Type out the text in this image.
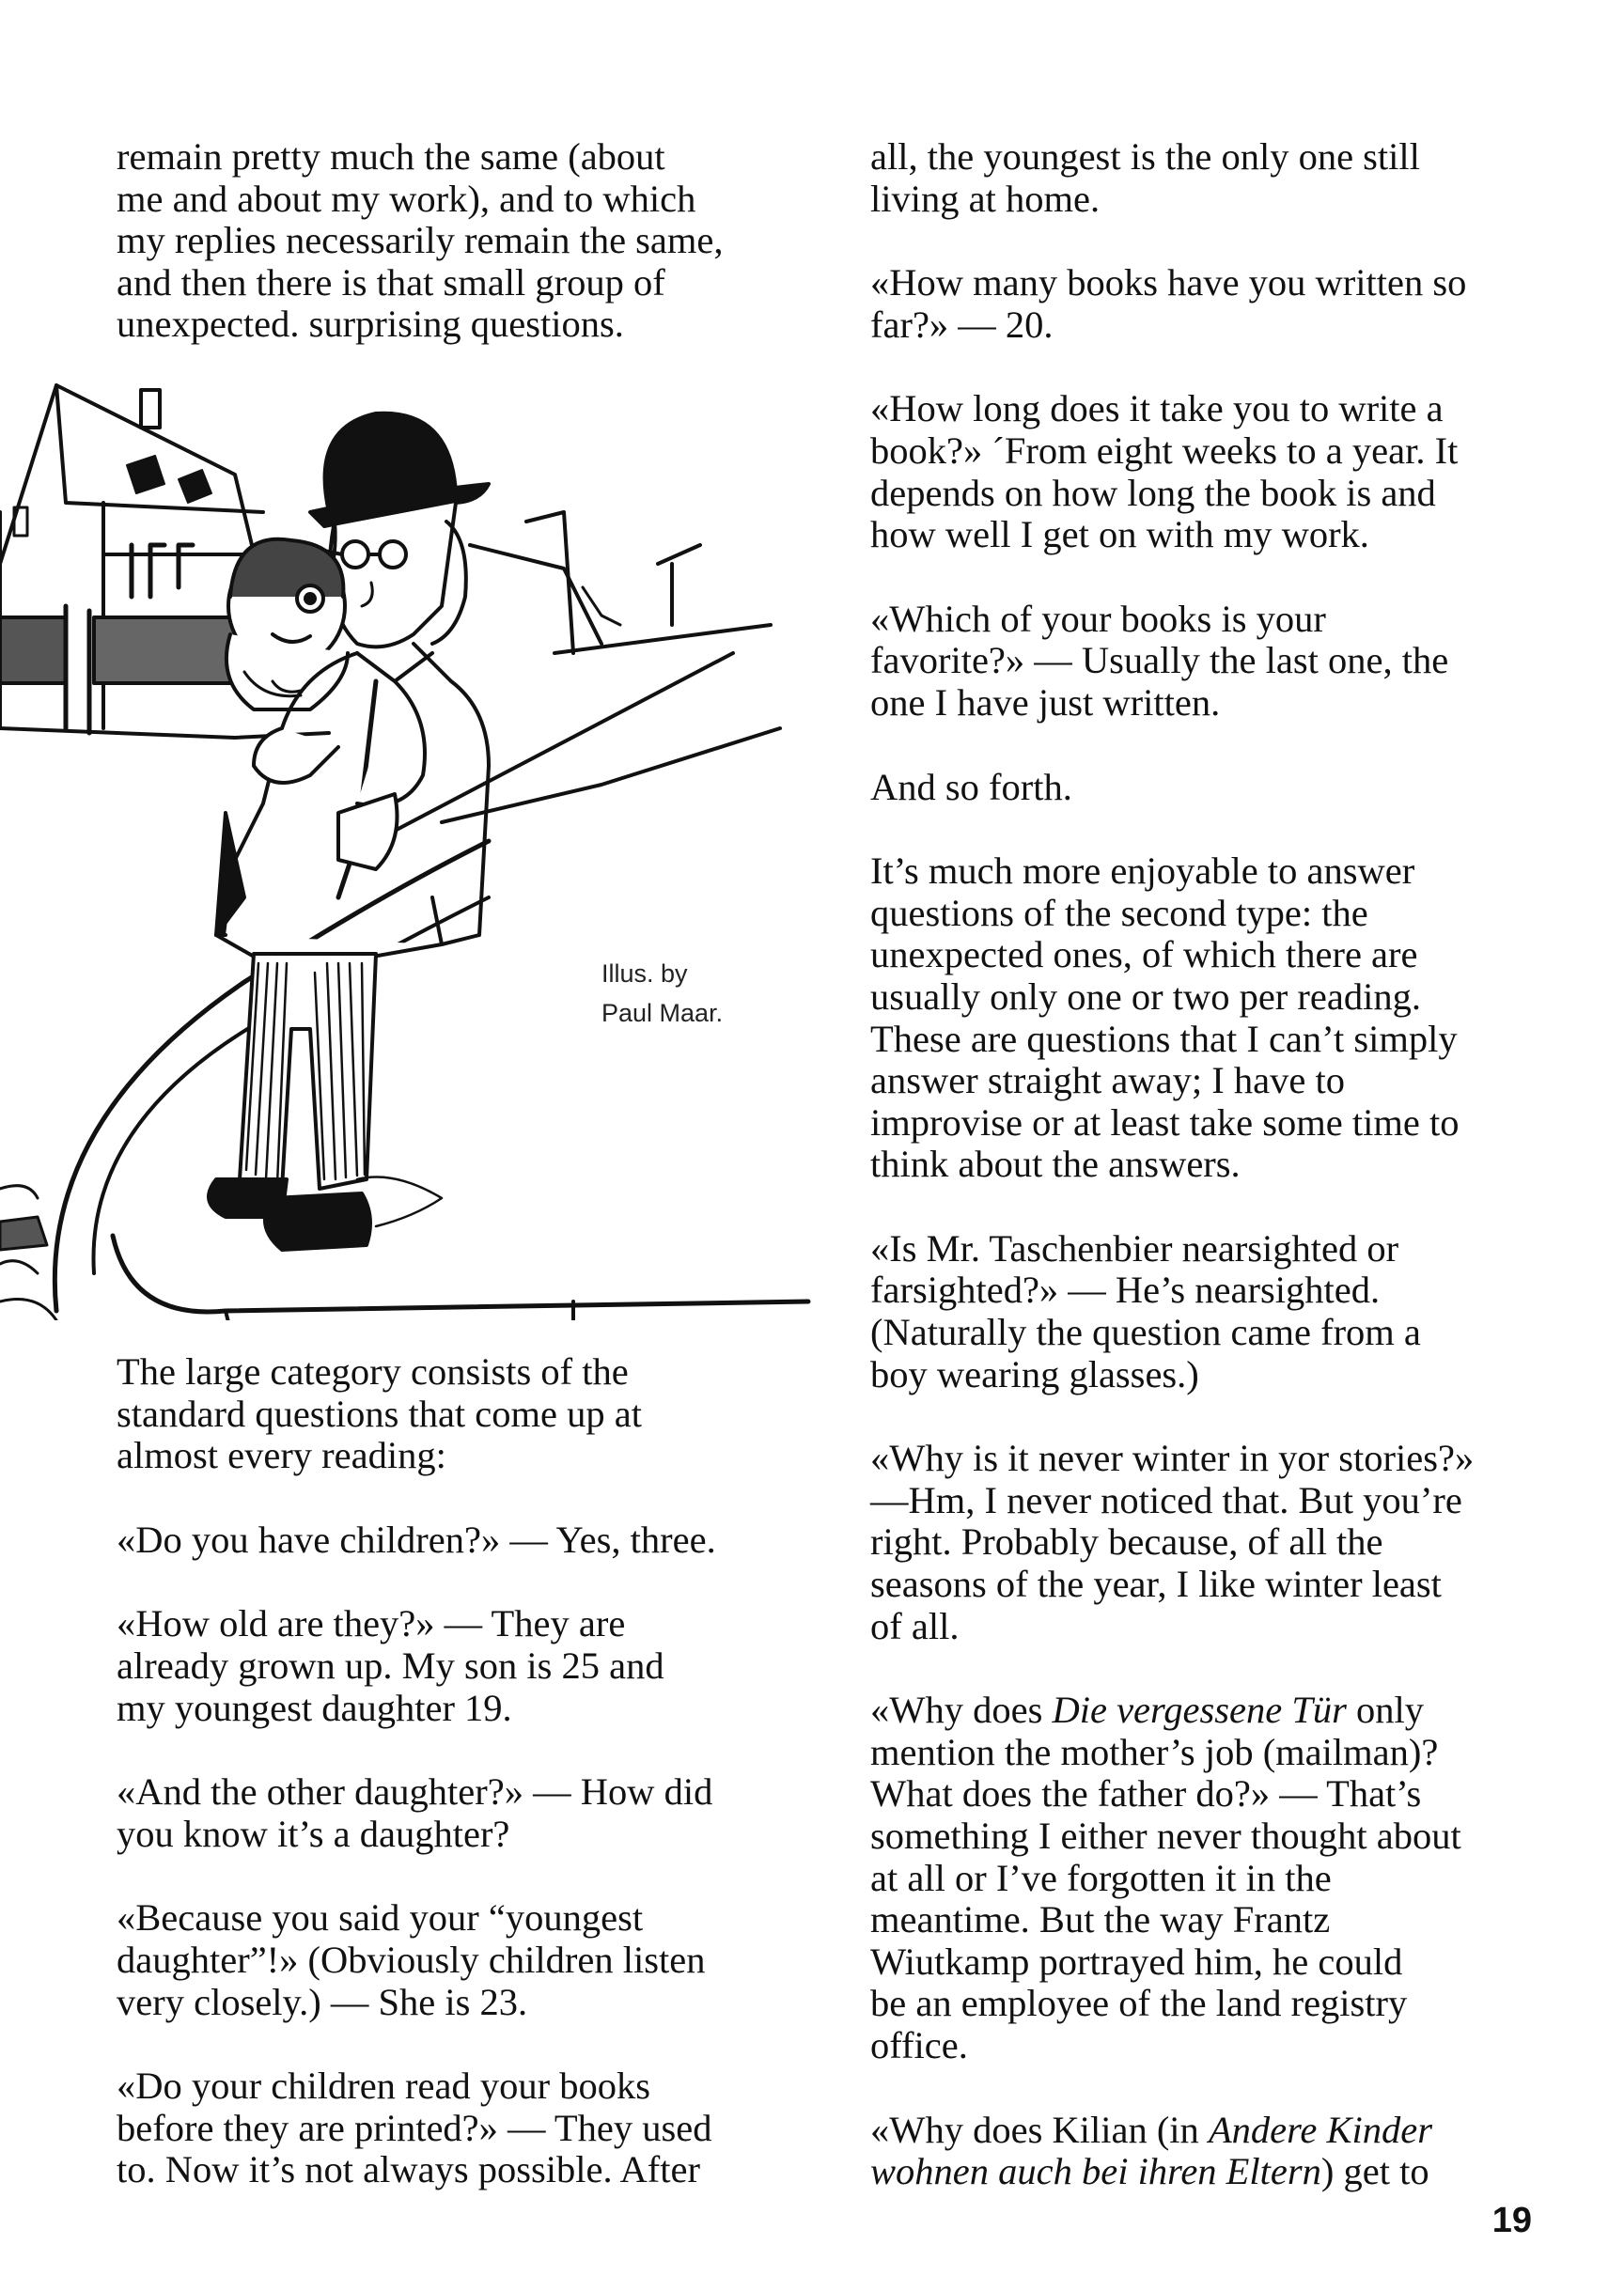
remain pretty much the same (about
me and about my work), and to which
my replies necessarily remain the same,
and then there is that small group of
unexpected. surprising questions.

Illus. by
Paul Maar.

The large category consists of the
standard questions that come up at
almost every reading:

«Do you have children?» — Yes, three.

«How old are they?» — They are
already grown up. My son is 25 and
my youngest daughter 19.

«And the other daughter?» — How did
you know it’s a daughter?

«Because you said your “youngest
daughter”!» (Obviously children listen
very closely.) — She is 23.

«Do your children read your books
before they are printed?» — They used
to. Now it’s not always possible. After

all, the youngest is the only one still
living at home.

«How many books have you written so
far?» — 20.

«How long does it take you to write a
book?» ´From eight weeks to a year. It
depends on how long the book is and
how well I get on with my work.

«Which of your books is your
favorite?» — Usually the last one, the
one I have just written.

And so forth.

It’s much more enjoyable to answer
questions of the second type: the
unexpected ones, of which there are
usually only one or two per reading.
These are questions that I can’t simply
answer straight away; I have to
improvise or at least take some time to
think about the answers.

«Is Mr. Taschenbier nearsighted or
farsighted?» — He’s nearsighted.
(Naturally the question came from a
boy wearing glasses.)

«Why is it never winter in yor stories?»
—Hm, I never noticed that. But you’re
right. Probably because, of all the
seasons of the year, I like winter least
of all.

«Why does Die vergessene Tür only
mention the mother’s job (mailman)?
What does the father do?» — That’s
something I either never thought about
at all or I’ve forgotten it in the
meantime. But the way Frantz
Wiutkamp portrayed him, he could
be an employee of the land registry
office.

«Why does Kilian (in Andere Kinder
wohnen auch bei ihren Eltern) get to

19
